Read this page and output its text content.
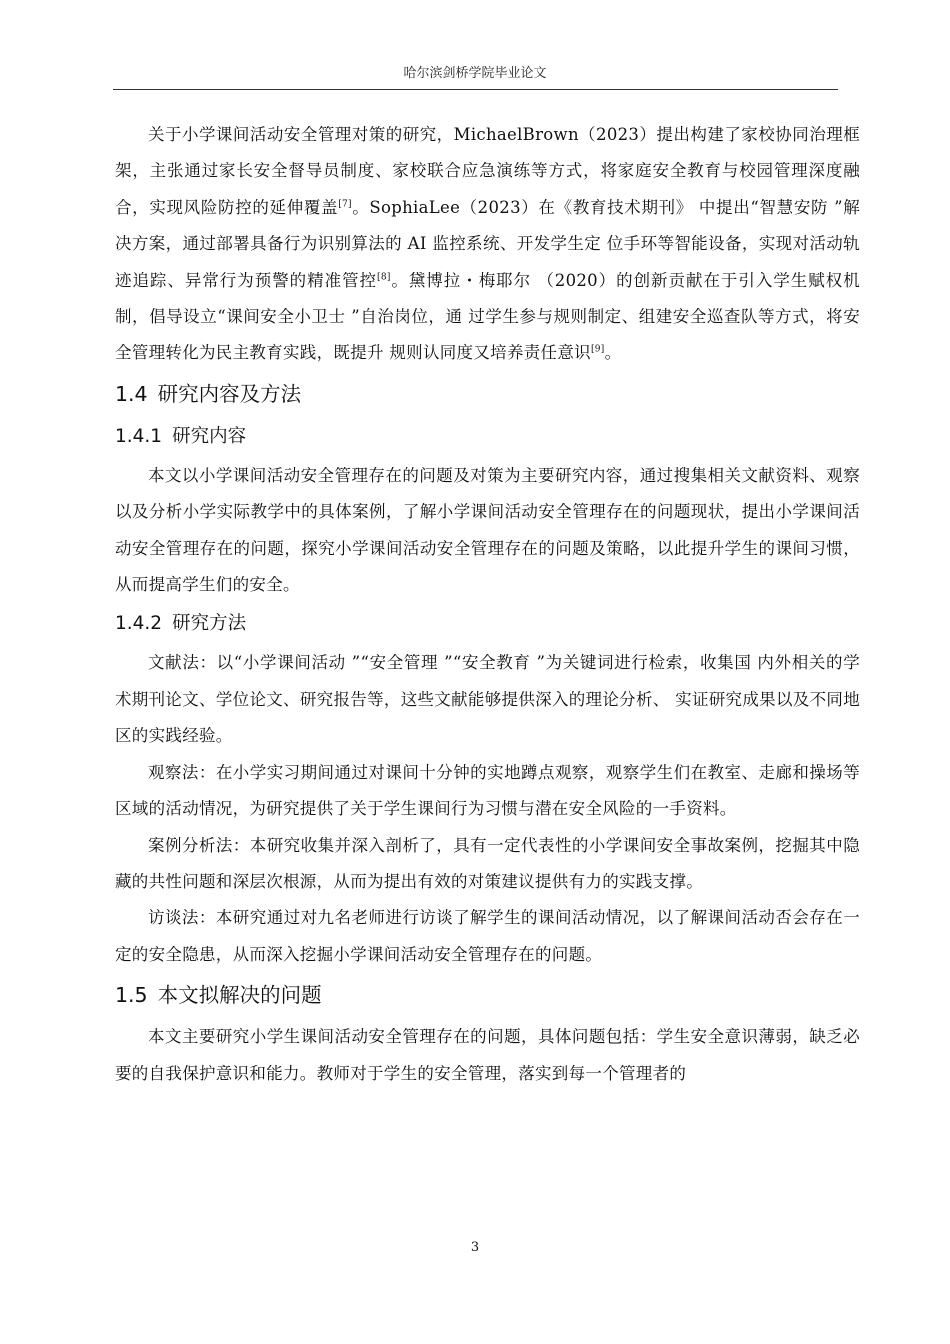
哈尔滨剑桥学院毕业论文

关于小学课间活动安全管理对策的研究，MichaelBrown（2023）提出构建了家校协同治理框架，主张通过家长安全督导员制度、家校联合应急演练等方式，将家庭安全教育与校园管理深度融合，实现风险防控的延伸覆盖[7]。SophiaLee（2023）在《教育技术期刊》 中提出“智慧安防 ”解决方案，通过部署具备行为识别算法的 AI 监控系统、开发学生定 位手环等智能设备，实现对活动轨迹追踪、异常行为预警的精准管控[8]。黛博拉・梅耶尔 （2020）的创新贡献在于引入学生赋权机制，倡导设立“课间安全小卫士 ”自治岗位，通 过学生参与规则制定、组建安全巡查队等方式，将安全管理转化为民主教育实践，既提升 规则认同度又培养责任意识[9]。

1.4 研究内容及方法
1.4.1 研究内容

本文以小学课间活动安全管理存在的问题及对策为主要研究内容，通过搜集相关文献资料、观察以及分析小学实际教学中的具体案例，了解小学课间活动安全管理存在的问题现状，提出小学课间活动安全管理存在的问题，探究小学课间活动安全管理存在的问题及策略，以此提升学生的课间习惯，从而提高学生们的安全。

1.4.2 研究方法

文献法：以“小学课间活动 ”“安全管理 ”“安全教育 ”为关键词进行检索，收集国 内外相关的学术期刊论文、学位论文、研究报告等，这些文献能够提供深入的理论分析、 实证研究成果以及不同地区的实践经验。

观察法：在小学实习期间通过对课间十分钟的实地蹲点观察，观察学生们在教室、走廊和操场等区域的活动情况，为研究提供了关于学生课间行为习惯与潜在安全风险的一手资料。

案例分析法：本研究收集并深入剖析了，具有一定代表性的小学课间安全事故案例，挖掘其中隐藏的共性问题和深层次根源，从而为提出有效的对策建议提供有力的实践支撑。

访谈法：本研究通过对九名老师进行访谈了解学生的课间活动情况，以了解课间活动否会存在一定的安全隐患，从而深入挖掘小学课间活动安全管理存在的问题。

1.5 本文拟解决的问题

本文主要研究小学生课间活动安全管理存在的问题，具体问题包括：学生安全意识薄弱，缺乏必要的自我保护意识和能力。教师对于学生的安全管理，落实到每一个管理者的

3
